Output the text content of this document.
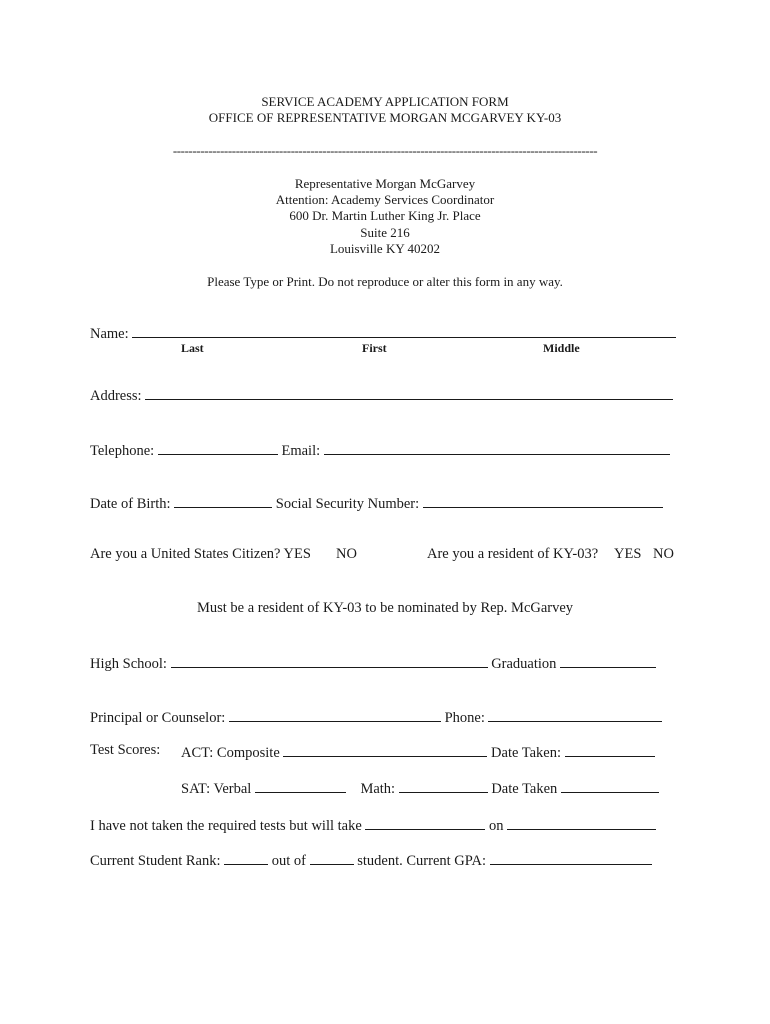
SERVICE ACADEMY APPLICATION FORM
OFFICE OF REPRESENTATIVE MORGAN MCGARVEY KY-03
------------------------------------------------------------------------------------------------------------
Representative Morgan McGarvey
Attention: Academy Services Coordinator
600 Dr. Martin Luther King Jr. Place
Suite 216
Louisville KY 40202
Please Type or Print. Do not reproduce or alter this form in any way.
Name:
Last	First	Middle
Address:
Telephone:	Email:
Date of Birth:	Social Security Number:
Are you a United States Citizen? YES NO	Are you a resident of KY-03? YES NO
Must be a resident of KY-03 to be nominated by Rep. McGarvey
High School:	Graduation
Principal or Counselor:	Phone:
Test Scores: ACT: Composite	Date Taken:
SAT: Verbal	Math:	Date Taken
I have not taken the required tests but will take	on
Current Student Rank:	out of	student. Current GPA:
